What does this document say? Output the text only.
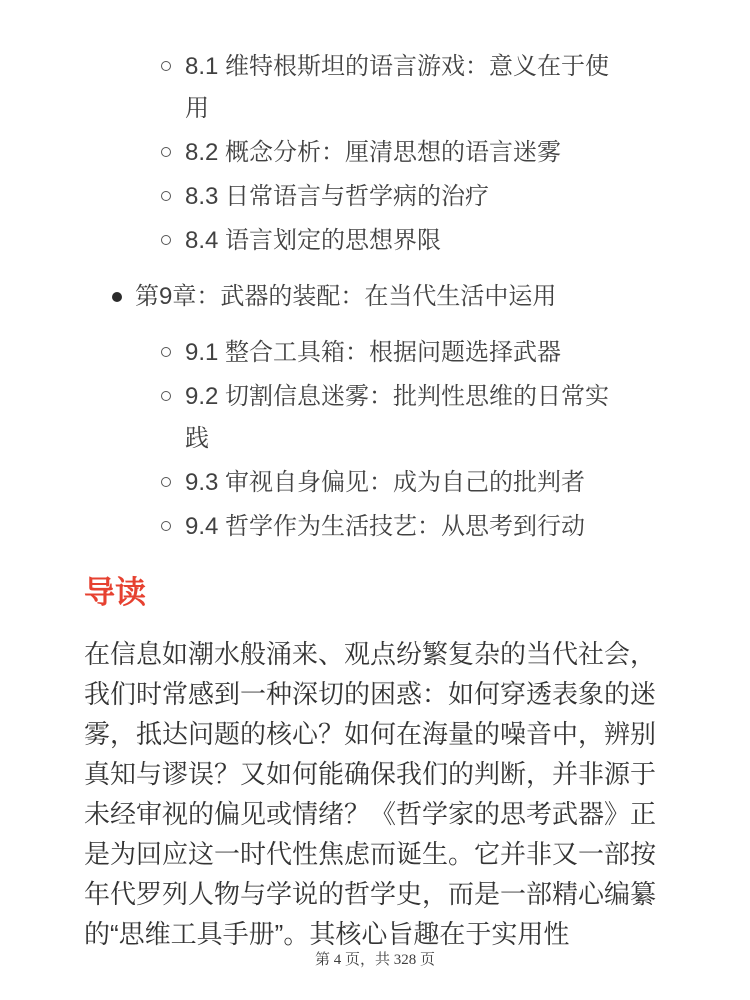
8.1 维特根斯坦的语言游戏：意义在于使用
8.2 概念分析：厘清思想的语言迷雾
8.3 日常语言与哲学病的治疗
8.4 语言划定的思想界限
第9章：武器的装配：在当代生活中运用
9.1 整合工具箱：根据问题选择武器
9.2 切割信息迷雾：批判性思维的日常实践
9.3 审视自身偏见：成为自己的批判者
9.4 哲学作为生活技艺：从思考到行动
导读

在信息如潮水般涌来、观点纷繁复杂的当代社会，我们时常感到一种深切的困惑：如何穿透表象的迷雾，抵达问题的核心？如何在海量的噪音中，辨别真知与谬误？又如何能确保我们的判断，并非源于未经审视的偏见或情绪？《哲学家的思考武器》正是为回应这一时代性焦虑而诞生。它并非又一部按年代罗列人物与学说的哲学史，而是一部精心编纂的“思维工具手册”。其核心旨趣在于实用性

第 4 页，共 328 页
